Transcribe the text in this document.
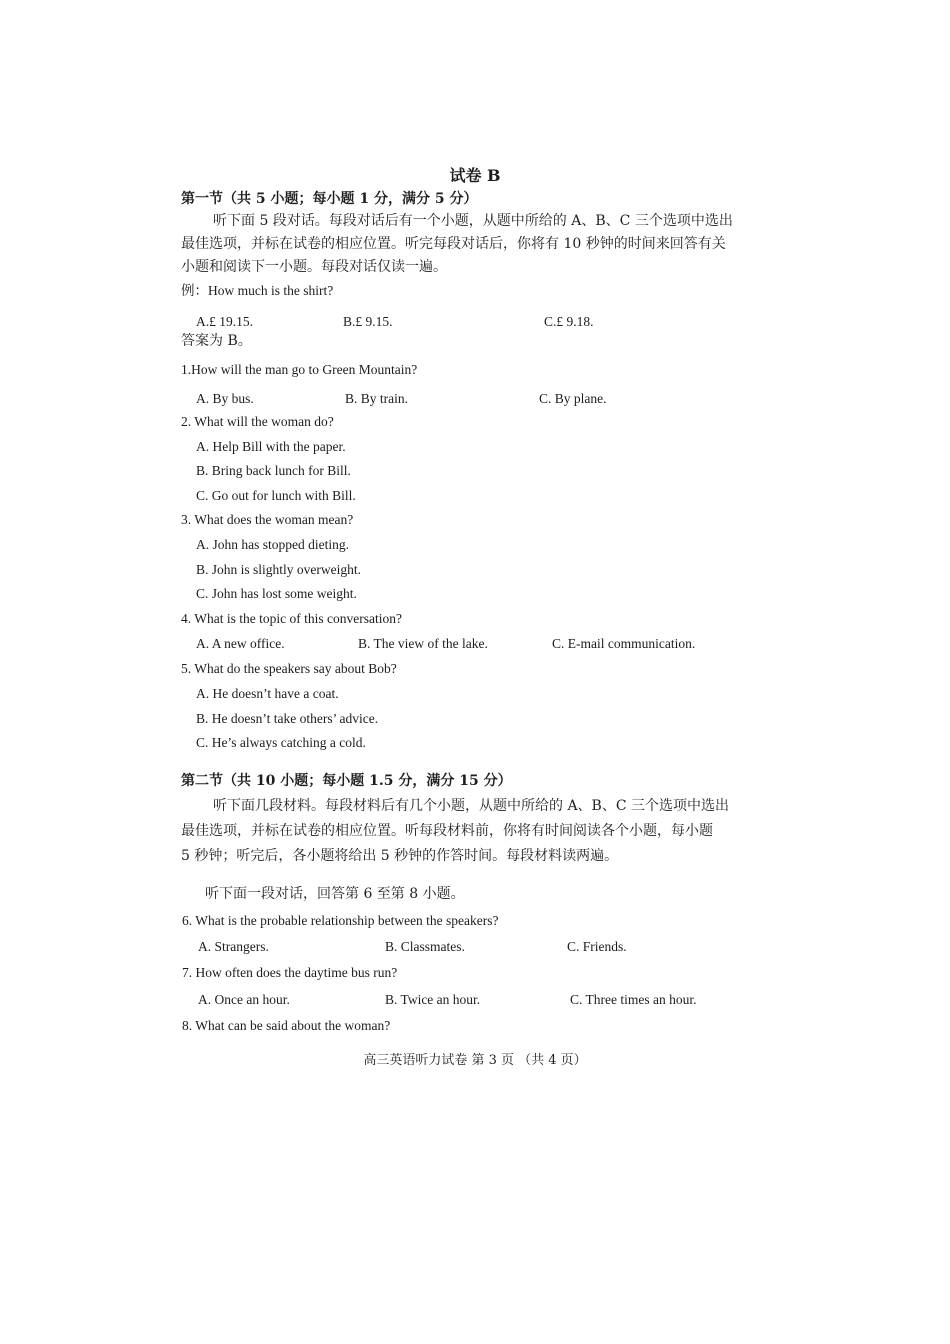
试卷 B
第一节（共 5 小题；每小题 1 分，满分 5 分）
听下面 5 段对话。每段对话后有一个小题，从题中所给的 A、B、C 三个选项中选出
最佳选项，并标在试卷的相应位置。听完每段对话后，你将有 10 秒钟的时间来回答有关
小题和阅读下一小题。每段对话仅读一遍。
例：How much is the shirt?
A.£ 19.15.	B.£ 9.15.	C.£ 9.18.
答案为 B。
1.How will the man go to Green Mountain?
A. By bus.	B. By train.	C. By plane.
2. What will the woman do?
A. Help Bill with the paper.
B. Bring back lunch for Bill.
C. Go out for lunch with Bill.
3. What does the woman mean?
A. John has stopped dieting.
B. John is slightly overweight.
C. John has lost some weight.
4. What is the topic of this conversation?
A. A new office.	B. The view of the lake.	C. E-mail communication.
5. What do the speakers say about Bob?
A. He doesn’t have a coat.
B. He doesn’t take others’ advice.
C. He’s always catching a cold.
第二节（共 10 小题；每小题 1.5 分，满分 15 分）
听下面几段材料。每段材料后有几个小题，从题中所给的 A、B、C 三个选项中选出
最佳选项，并标在试卷的相应位置。听每段材料前，你将有时间阅读各个小题，每小题
5 秒钟；听完后，各小题将给出 5 秒钟的作答时间。每段材料读两遍。
听下面一段对话，回答第 6 至第 8 小题。
6. What is the probable relationship between the speakers?
A. Strangers.	B. Classmates.	C. Friends.
7. How often does the daytime bus run?
A. Once an hour.	B. Twice an hour.	C. Three times an hour.
8. What can be said about the woman?
高三英语听力试卷 第 3 页 （共 4 页）
